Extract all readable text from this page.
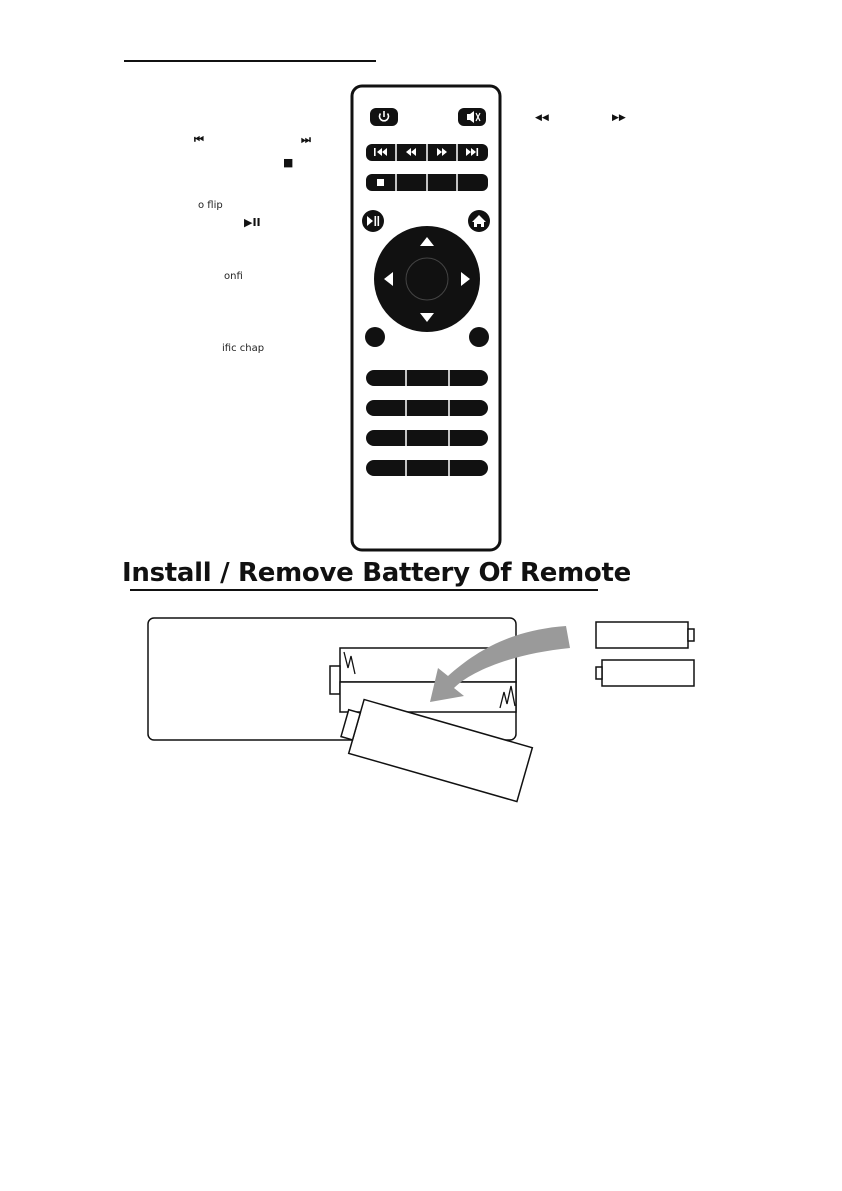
⏮	⏭
■
o flip
▶II
onfi
ific chap
◀◀	▶▶
Install / Remove Battery Of Remote
